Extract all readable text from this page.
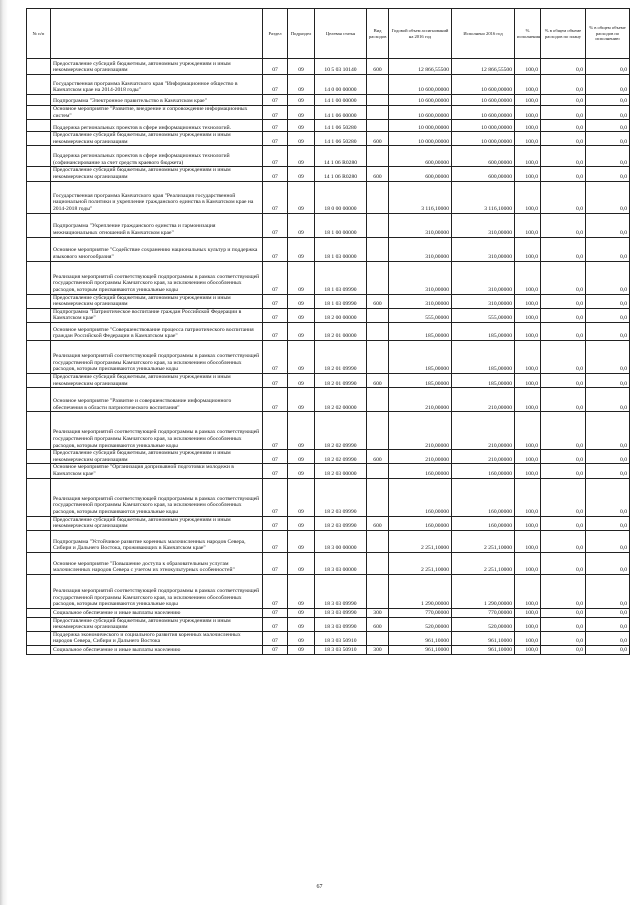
№ п/п		Раздел	Подраздел	Целевая статья	Вид расходов	Годовой объем ассигнований на 2016 год	Исполнено 2016 год	% исполнения	% в общем объеме расходов по плану	% в общем объеме расходов по исполнению
	Предоставление субсидий бюджетным, автономным учреждениям и иным некоммерческим организациям	07	09	10 5 03 10140	600	12 866,55500	12 866,55500	100,0	0,0	0,0
	Государственная программа Камчатского края "Информационное общество в Камчатском крае на 2014-2018 годы"	07	09	14 0 00 00000		10 600,00000	10 600,00000	100,0	0,0	0,0
	Подпрограмма "Электронное правительство в Камчатском крае"	07	09	14 1 00 00000		10 600,00000	10 600,00000	100,0	0,0	0,0
	Основное мероприятие "Развитие, внедрение и сопровождение информационных систем"	07	09	14 1 06 00000		10 600,00000	10 600,00000	100,0	0,0	0,0
	Поддержка региональных проектов в сфере информационных технологий.	07	09	14 1 06 50280		10 000,00000	10 000,00000	100,0	0,0	0,0
	Предоставление субсидий бюджетным, автономным учреждениям и иным некоммерческим организациям	07	09	14 1 06 50280	600	10 000,00000	10 000,00000	100,0	0,0	0,0
	Поддержка региональных проектов в сфере информационных технологий (софинансирование за счет средств краевого бюджета)	07	09	14 1 06 R0280		600,00000	600,00000	100,0	0,0	0,0
	Предоставление субсидий бюджетным, автономным учреждениям и иным некоммерческим организациям	07	09	14 1 06 R0280	600	600,00000	600,00000	100,0	0,0	0,0
	Государственная программа Камчатского края "Реализация государственной национальной политики и укрепление гражданского единства в Камчатском крае на 2014-2018 годы"	07	09	18 0 00 00000		3 116,10000	3 116,10000	100,0	0,0	0,0
	Подпрограмма "Укрепление гражданского единства и гармонизация межнациональных отношений в Камчатском крае"	07	09	18 1 00 00000		310,00000	310,00000	100,0	0,0	0,0
	Основное мероприятие "Содействие сохранению национальных культур и поддержка языкового многообразия"	07	09	18 1 03 00000		310,00000	310,00000	100,0	0,0	0,0
	Реализация мероприятий соответствующей подпрограммы в рамках соответствующей государственной программы Камчатского края, за исключением обособленных расходов, которым присваиваются уникальные коды	07	09	18 1 03 09990		310,00000	310,00000	100,0	0,0	0,0
	Предоставление субсидий бюджетным, автономным учреждениям и иным некоммерческим организациям	07	09	18 1 03 09990	600	310,00000	310,00000	100,0	0,0	0,0
	Подпрограмма "Патриотическое воспитание граждан Российской Федерации в Камчатском крае"	07	09	18 2 00 00000		555,00000	555,00000	100,0	0,0	0,0
	Основное мероприятие "Совершенствование процесса патриотического воспитания граждан Российской Федерации в Камчатском крае"	07	09	18 2 01 00000		185,00000	185,00000	100,0	0,0	0,0
	Реализация мероприятий соответствующей подпрограммы в рамках соответствующей государственной программы Камчатского края, за исключением обособленных расходов, которым присваиваются уникальные коды	07	09	18 2 01 09990		185,00000	185,00000	100,0	0,0	0,0
	Предоставление субсидий бюджетным, автономным учреждениям и иным некоммерческим организациям	07	09	18 2 01 09990	600	185,00000	185,00000	100,0	0,0	0,0
	Основное мероприятие "Развитие и совершенствование информационного обеспечения в области патриотического воспитания"	07	09	18 2 02 00000		210,00000	210,00000	100,0	0,0	0,0
	Реализация мероприятий соответствующей подпрограммы в рамках соответствующей государственной программы Камчатского края, за исключением обособленных расходов, которым присваиваются уникальные коды	07	09	18 2 02 09990		210,00000	210,00000	100,0	0,0	0,0
	Предоставление субсидий бюджетным, автономным учреждениям и иным некоммерческим организациям	07	09	18 2 02 09990	600	210,00000	210,00000	100,0	0,0	0,0
	Основное мероприятие "Организация допризывной подготовки молодежи в Камчатском крае"	07	09	18 2 03 00000		160,00000	160,00000	100,0	0,0	0,0
	Реализация мероприятий соответствующей подпрограммы в рамках соответствующей государственной программы Камчатского края, за исключением обособленных расходов, которым присваиваются уникальные коды	07	09	18 2 03 09990		160,00000	160,00000	100,0	0,0	0,0
	Предоставление субсидий бюджетным, автономным учреждениям и иным некоммерческим организациям	07	09	18 2 03 09990	600	160,00000	160,00000	100,0	0,0	0,0
	Подпрограмма "Устойчивое развитие коренных малочисленных народов Севера, Сибири и Дальнего Востока, проживающих в Камчатском крае"	07	09	18 3 00 00000		2 251,10000	2 251,10000	100,0	0,0	0,0
	Основное мероприятие "Повышение доступа к образовательным услугам малочисленных народов Севера с учетом их этнокультурных особенностей"	07	09	18 3 03 00000		2 251,10000	2 251,10000	100,0	0,0	0,0
	Реализация мероприятий соответствующей подпрограммы в рамках соответствующей государственной программы Камчатского края, за исключением обособленных расходов, которым присваиваются уникальные коды	07	09	18 3 03 09990		1 290,00000	1 290,00000	100,0	0,0	0,0
	Социальное обеспечение и иные выплаты населению	07	09	18 3 03 09990	300	770,00000	770,00000	100,0	0,0	0,0
	Предоставление субсидий бюджетным, автономным учреждениям и иным некоммерческим организациям	07	09	18 3 03 09990	600	520,00000	520,00000	100,0	0,0	0,0
	Поддержка экономического и социального развития коренных малочисленных народов Севера, Сибири и Дальнего Востока	07	09	18 3 03 50910		961,10000	961,10000	100,0	0,0	0,0
	Социальное обеспечение и иные выплаты населению	07	09	18 3 03 50910	300	961,10000	961,10000	100,0	0,0	0,0
67
